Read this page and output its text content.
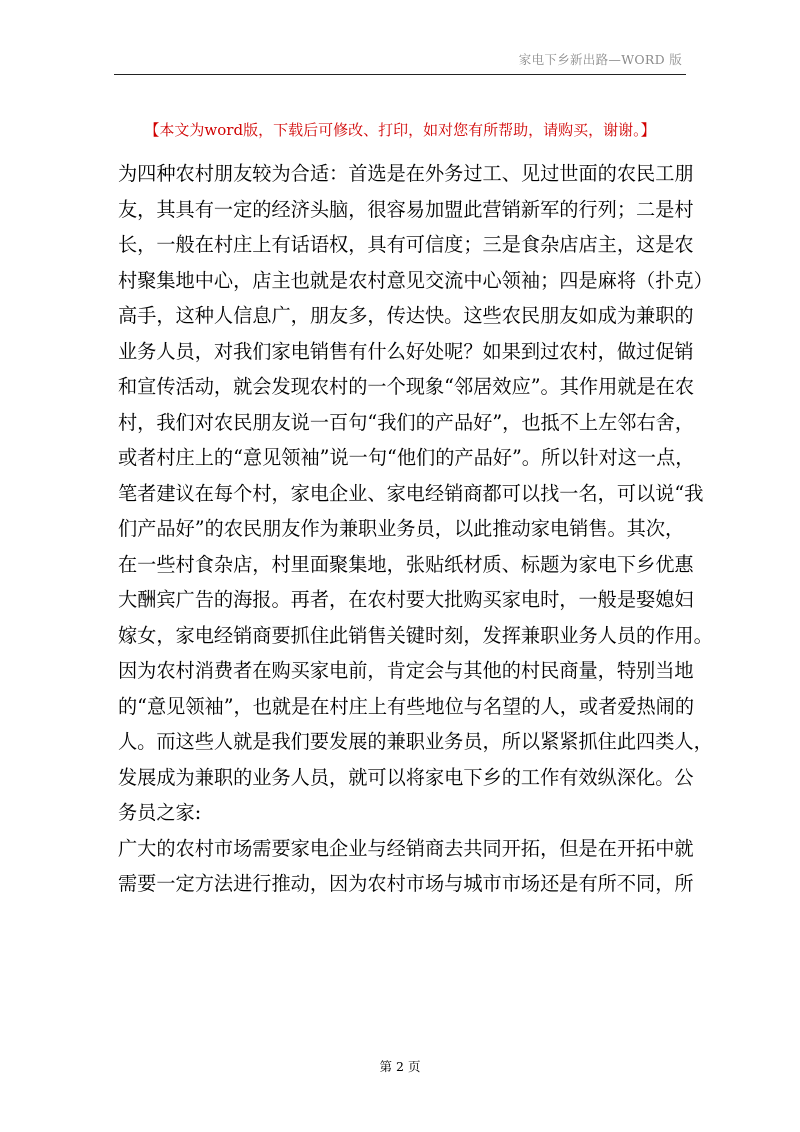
家电下乡新出路—WORD 版
【本文为word版，下载后可修改、打印，如对您有所帮助，请购买，谢谢。】
为四种农村朋友较为合适：首选是在外务过工、见过世面的农民工朋
友，其具有一定的经济头脑，很容易加盟此营销新军的行列；二是村
长，一般在村庄上有话语权，具有可信度；三是食杂店店主，这是农
村聚集地中心，店主也就是农村意见交流中心领袖；四是麻将（扑克）
高手，这种人信息广，朋友多，传达快。这些农民朋友如成为兼职的
业务人员，对我们家电销售有什么好处呢？如果到过农村，做过促销
和宣传活动，就会发现农村的一个现象“邻居效应”。其作用就是在农
村，我们对农民朋友说一百句“我们的产品好”，也抵不上左邻右舍，
或者村庄上的“意见领袖”说一句“他们的产品好”。所以针对这一点，
笔者建议在每个村，家电企业、家电经销商都可以找一名，可以说“我
们产品好”的农民朋友作为兼职业务员，以此推动家电销售。其次，
在一些村食杂店，村里面聚集地，张贴纸材质、标题为家电下乡优惠
大酬宾广告的海报。再者，在农村要大批购买家电时，一般是娶媳妇
嫁女，家电经销商要抓住此销售关键时刻，发挥兼职业务人员的作用。
因为农村消费者在购买家电前，肯定会与其他的村民商量，特别当地
的“意见领袖”，也就是在村庄上有些地位与名望的人，或者爱热闹的
人。而这些人就是我们要发展的兼职业务员，所以紧紧抓住此四类人，
发展成为兼职的业务人员，就可以将家电下乡的工作有效纵深化。公
务员之家:
广大的农村市场需要家电企业与经销商去共同开拓，但是在开拓中就
需要一定方法进行推动，因为农村市场与城市市场还是有所不同，所
第 2 页
